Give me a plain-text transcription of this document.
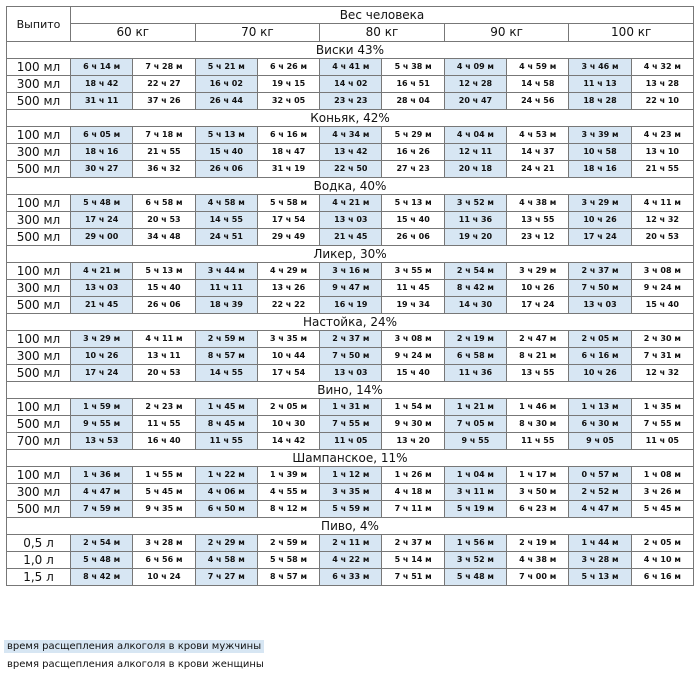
Выпито	Вес человека									
	60 кг		70 кг		80 кг		90 кг		100 кг	
Виски 43%										
100 мл	6 ч 14 м	7 ч 28 м	5 ч 21 м	6 ч 26 м	4 ч 41 м	5 ч 38 м	4 ч 09 м	4 ч 59 м	3 ч 46 м	4 ч 32 м
300 мл	18 ч 42	22 ч 27	16 ч 02	19 ч 15	14 ч 02	16 ч 51	12 ч 28	14 ч 58	11 ч 13	13 ч 28
500 мл	31 ч 11	37 ч 26	26 ч 44	32 ч 05	23 ч 23	28 ч 04	20 ч 47	24 ч 56	18 ч 28	22 ч 10
Коньяк, 42%										
100 мл	6 ч 05 м	7 ч 18 м	5 ч 13 м	6 ч 16 м	4 ч 34 м	5 ч 29 м	4 ч 04 м	4 ч 53 м	3 ч 39 м	4 ч 23 м
300 мл	18 ч 16	21 ч 55	15 ч 40	18 ч 47	13 ч 42	16 ч 26	12 ч 11	14 ч 37	10 ч 58	13 ч 10
500 мл	30 ч 27	36 ч 32	26 ч 06	31 ч 19	22 ч 50	27 ч 23	20 ч 18	24 ч 21	18 ч 16	21 ч 55
Водка, 40%										
100 мл	5 ч 48 м	6 ч 58 м	4 ч 58 м	5 ч 58 м	4 ч 21 м	5 ч 13 м	3 ч 52 м	4 ч 38 м	3 ч 29 м	4 ч 11 м
300 мл	17 ч 24	20 ч 53	14 ч 55	17 ч 54	13 ч 03	15 ч 40	11 ч 36	13 ч 55	10 ч 26	12 ч 32
500 мл	29 ч 00	34 ч 48	24 ч 51	29 ч 49	21 ч 45	26 ч 06	19 ч 20	23 ч 12	17 ч 24	20 ч 53
Ликер, 30%										
100 мл	4 ч 21 м	5 ч 13 м	3 ч 44 м	4 ч 29 м	3 ч 16 м	3 ч 55 м	2 ч 54 м	3 ч 29 м	2 ч 37 м	3 ч 08 м
300 мл	13 ч 03	15 ч 40	11 ч 11	13 ч 26	9 ч 47 м	11 ч 45	8 ч 42 м	10 ч 26	7 ч 50 м	9 ч 24 м
500 мл	21 ч 45	26 ч 06	18 ч 39	22 ч 22	16 ч 19	19 ч 34	14 ч 30	17 ч 24	13 ч 03	15 ч 40
Настойка, 24%										
100 мл	3 ч 29 м	4 ч 11 м	2 ч 59 м	3 ч 35 м	2 ч 37 м	3 ч 08 м	2 ч 19 м	2 ч 47 м	2 ч 05 м	2 ч 30 м
300 мл	10 ч 26	13 ч 11	8 ч 57 м	10 ч 44	7 ч 50 м	9 ч 24 м	6 ч 58 м	8 ч 21 м	6 ч 16 м	7 ч 31 м
500 мл	17 ч 24	20 ч 53	14 ч 55	17 ч 54	13 ч 03	15 ч 40	11 ч 36	13 ч 55	10 ч 26	12 ч 32
Вино, 14%										
100 мл	1 ч 59 м	2 ч 23 м	1 ч 45 м	2 ч 05 м	1 ч 31 м	1 ч 54 м	1 ч 21 м	1 ч 46 м	1 ч 13 м	1 ч 35 м
500 мл	9 ч 55 м	11 ч 55	8 ч 45 м	10 ч 30	7 ч 55 м	9 ч 30 м	7 ч 05 м	8 ч 30 м	6 ч 30 м	7 ч 55 м
700 мл	13 ч 53	16 ч 40	11 ч 55	14 ч 42	11 ч 05	13 ч 20	9 ч 55	11 ч 55	9 ч 05	11 ч 05
Шампанское, 11%										
100 мл	1 ч 36 м	1 ч 55 м	1 ч 22 м	1 ч 39 м	1 ч 12 м	1 ч 26 м	1 ч 04 м	1 ч 17 м	0 ч 57 м	1 ч 08 м
300 мл	4 ч 47 м	5 ч 45 м	4 ч 06 м	4 ч 55 м	3 ч 35 м	4 ч 18 м	3 ч 11 м	3 ч 50 м	2 ч 52 м	3 ч 26 м
500 мл	7 ч 59 м	9 ч 35 м	6 ч 50 м	8 ч 12 м	5 ч 59 м	7 ч 11 м	5 ч 19 м	6 ч 23 м	4 ч 47 м	5 ч 45 м
Пиво, 4%										
0,5 л	2 ч 54 м	3 ч 28 м	2 ч 29 м	2 ч 59 м	2 ч 11 м	2 ч 37 м	1 ч 56 м	2 ч 19 м	1 ч 44 м	2 ч 05 м
1,0 л	5 ч 48 м	6 ч 56 м	4 ч 58 м	5 ч 58 м	4 ч 22 м	5 ч 14 м	3 ч 52 м	4 ч 38 м	3 ч 28 м	4 ч 10 м
1,5 л	8 ч 42 м	10 ч 24	7 ч 27 м	8 ч 57 м	6 ч 33 м	7 ч 51 м	5 ч 48 м	7 ч 00 м	5 ч 13 м	6 ч 16 м
время расщепления алкоголя в крови мужчины
время расщепления алкоголя в крови женщины
